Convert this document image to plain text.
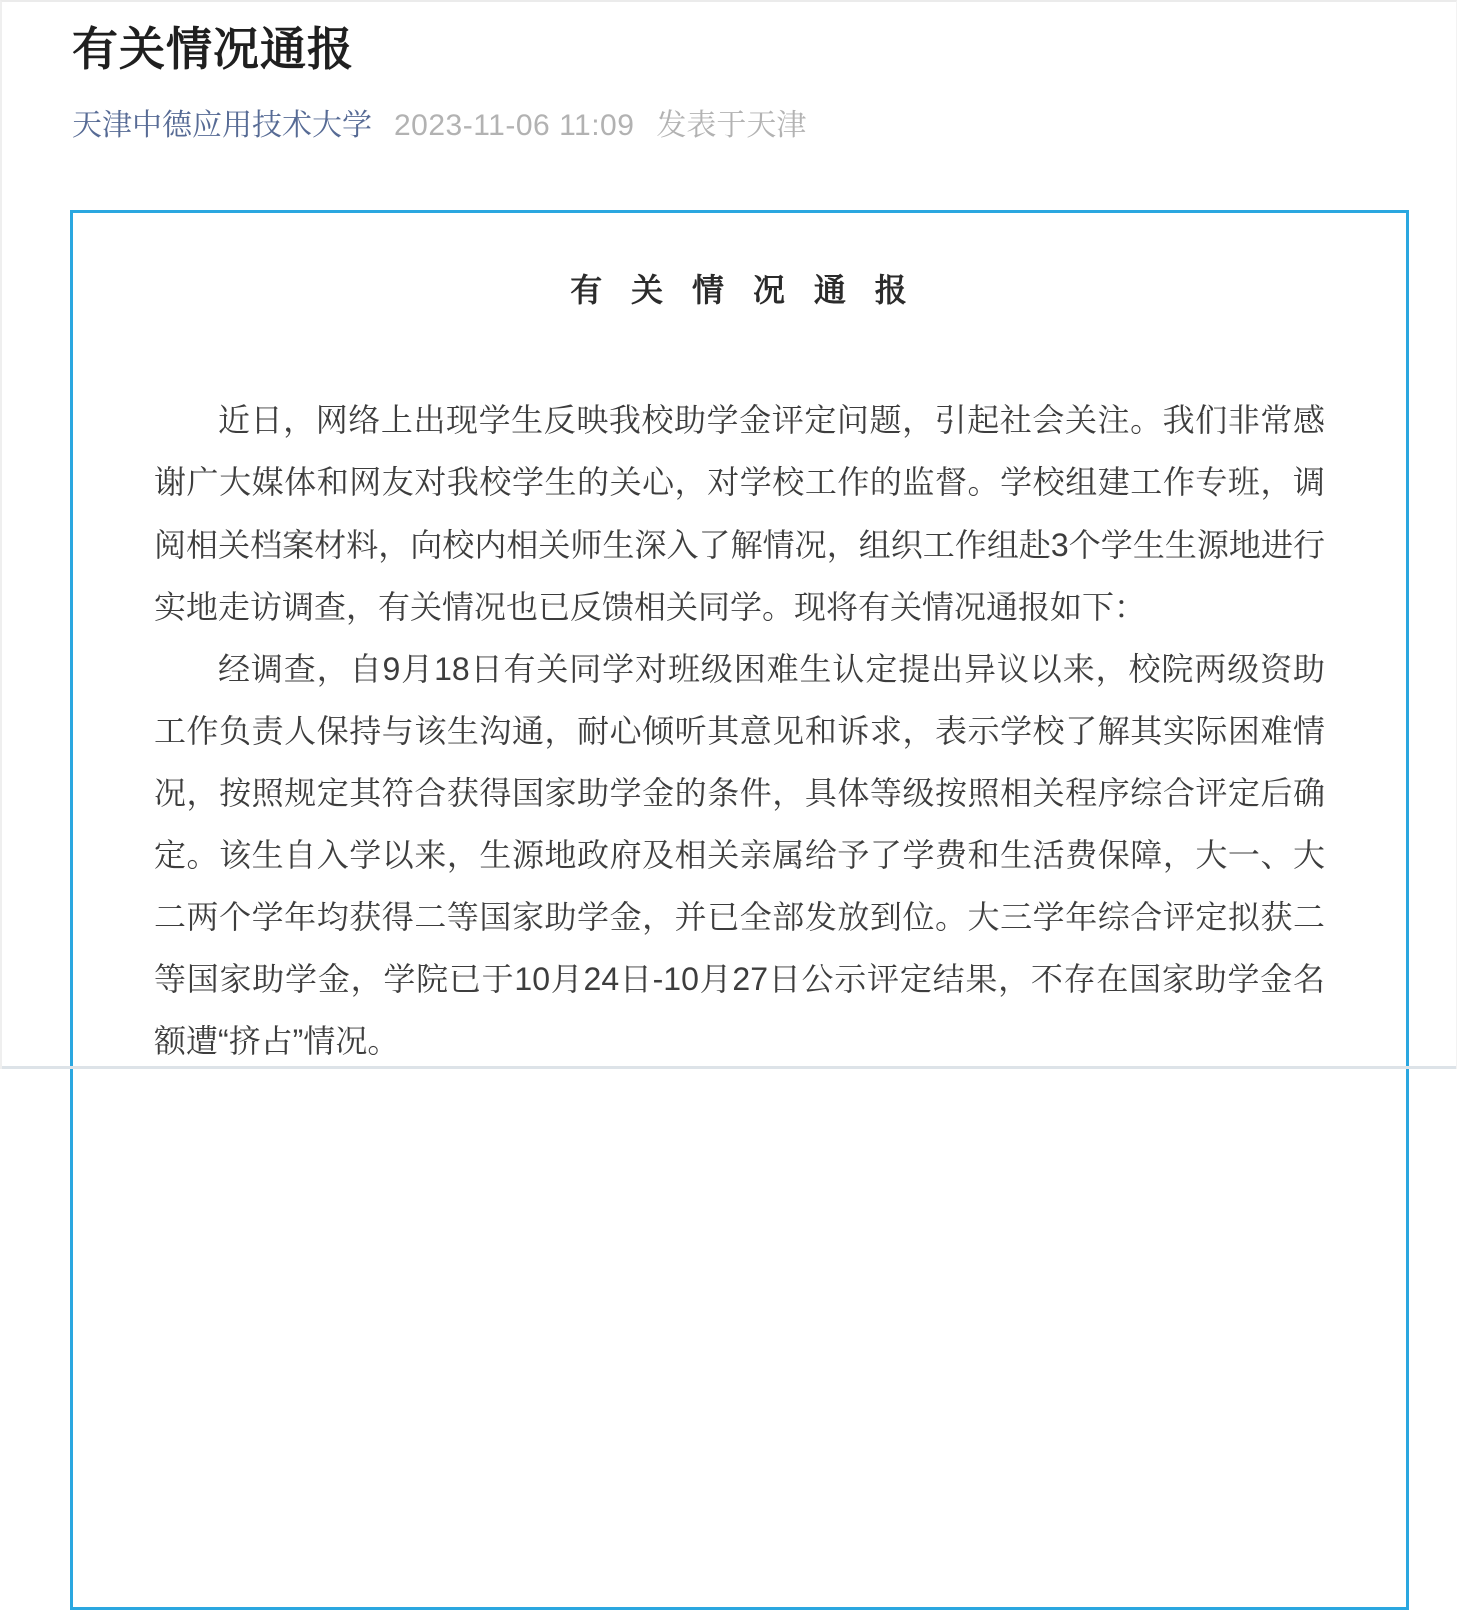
有关情况通报
天津中德应用技术大学 2023-11-06 11:09 发表于天津
有 关 情 况 通 报

近日，网络上出现学生反映我校助学金评定问题，引起社会关注。我们非常感谢广大媒体和网友对我校学生的关心，对学校工作的监督。学校组建工作专班，调阅相关档案材料，向校内相关师生深入了解情况，组织工作组赴3个学生生源地进行实地走访调查，有关情况也已反馈相关同学。现将有关情况通报如下：

经调查，自9月18日有关同学对班级困难生认定提出异议以来，校院两级资助工作负责人保持与该生沟通，耐心倾听其意见和诉求，表示学校了解其实际困难情况，按照规定其符合获得国家助学金的条件，具体等级按照相关程序综合评定后确定。该生自入学以来，生源地政府及相关亲属给予了学费和生活费保障，大一、大二两个学年均获得二等国家助学金，并已全部发放到位。大三学年综合评定拟获二等国家助学金，学院已于10月24日-10月27日公示评定结果，不存在国家助学金名额遭“挤占”情况。
